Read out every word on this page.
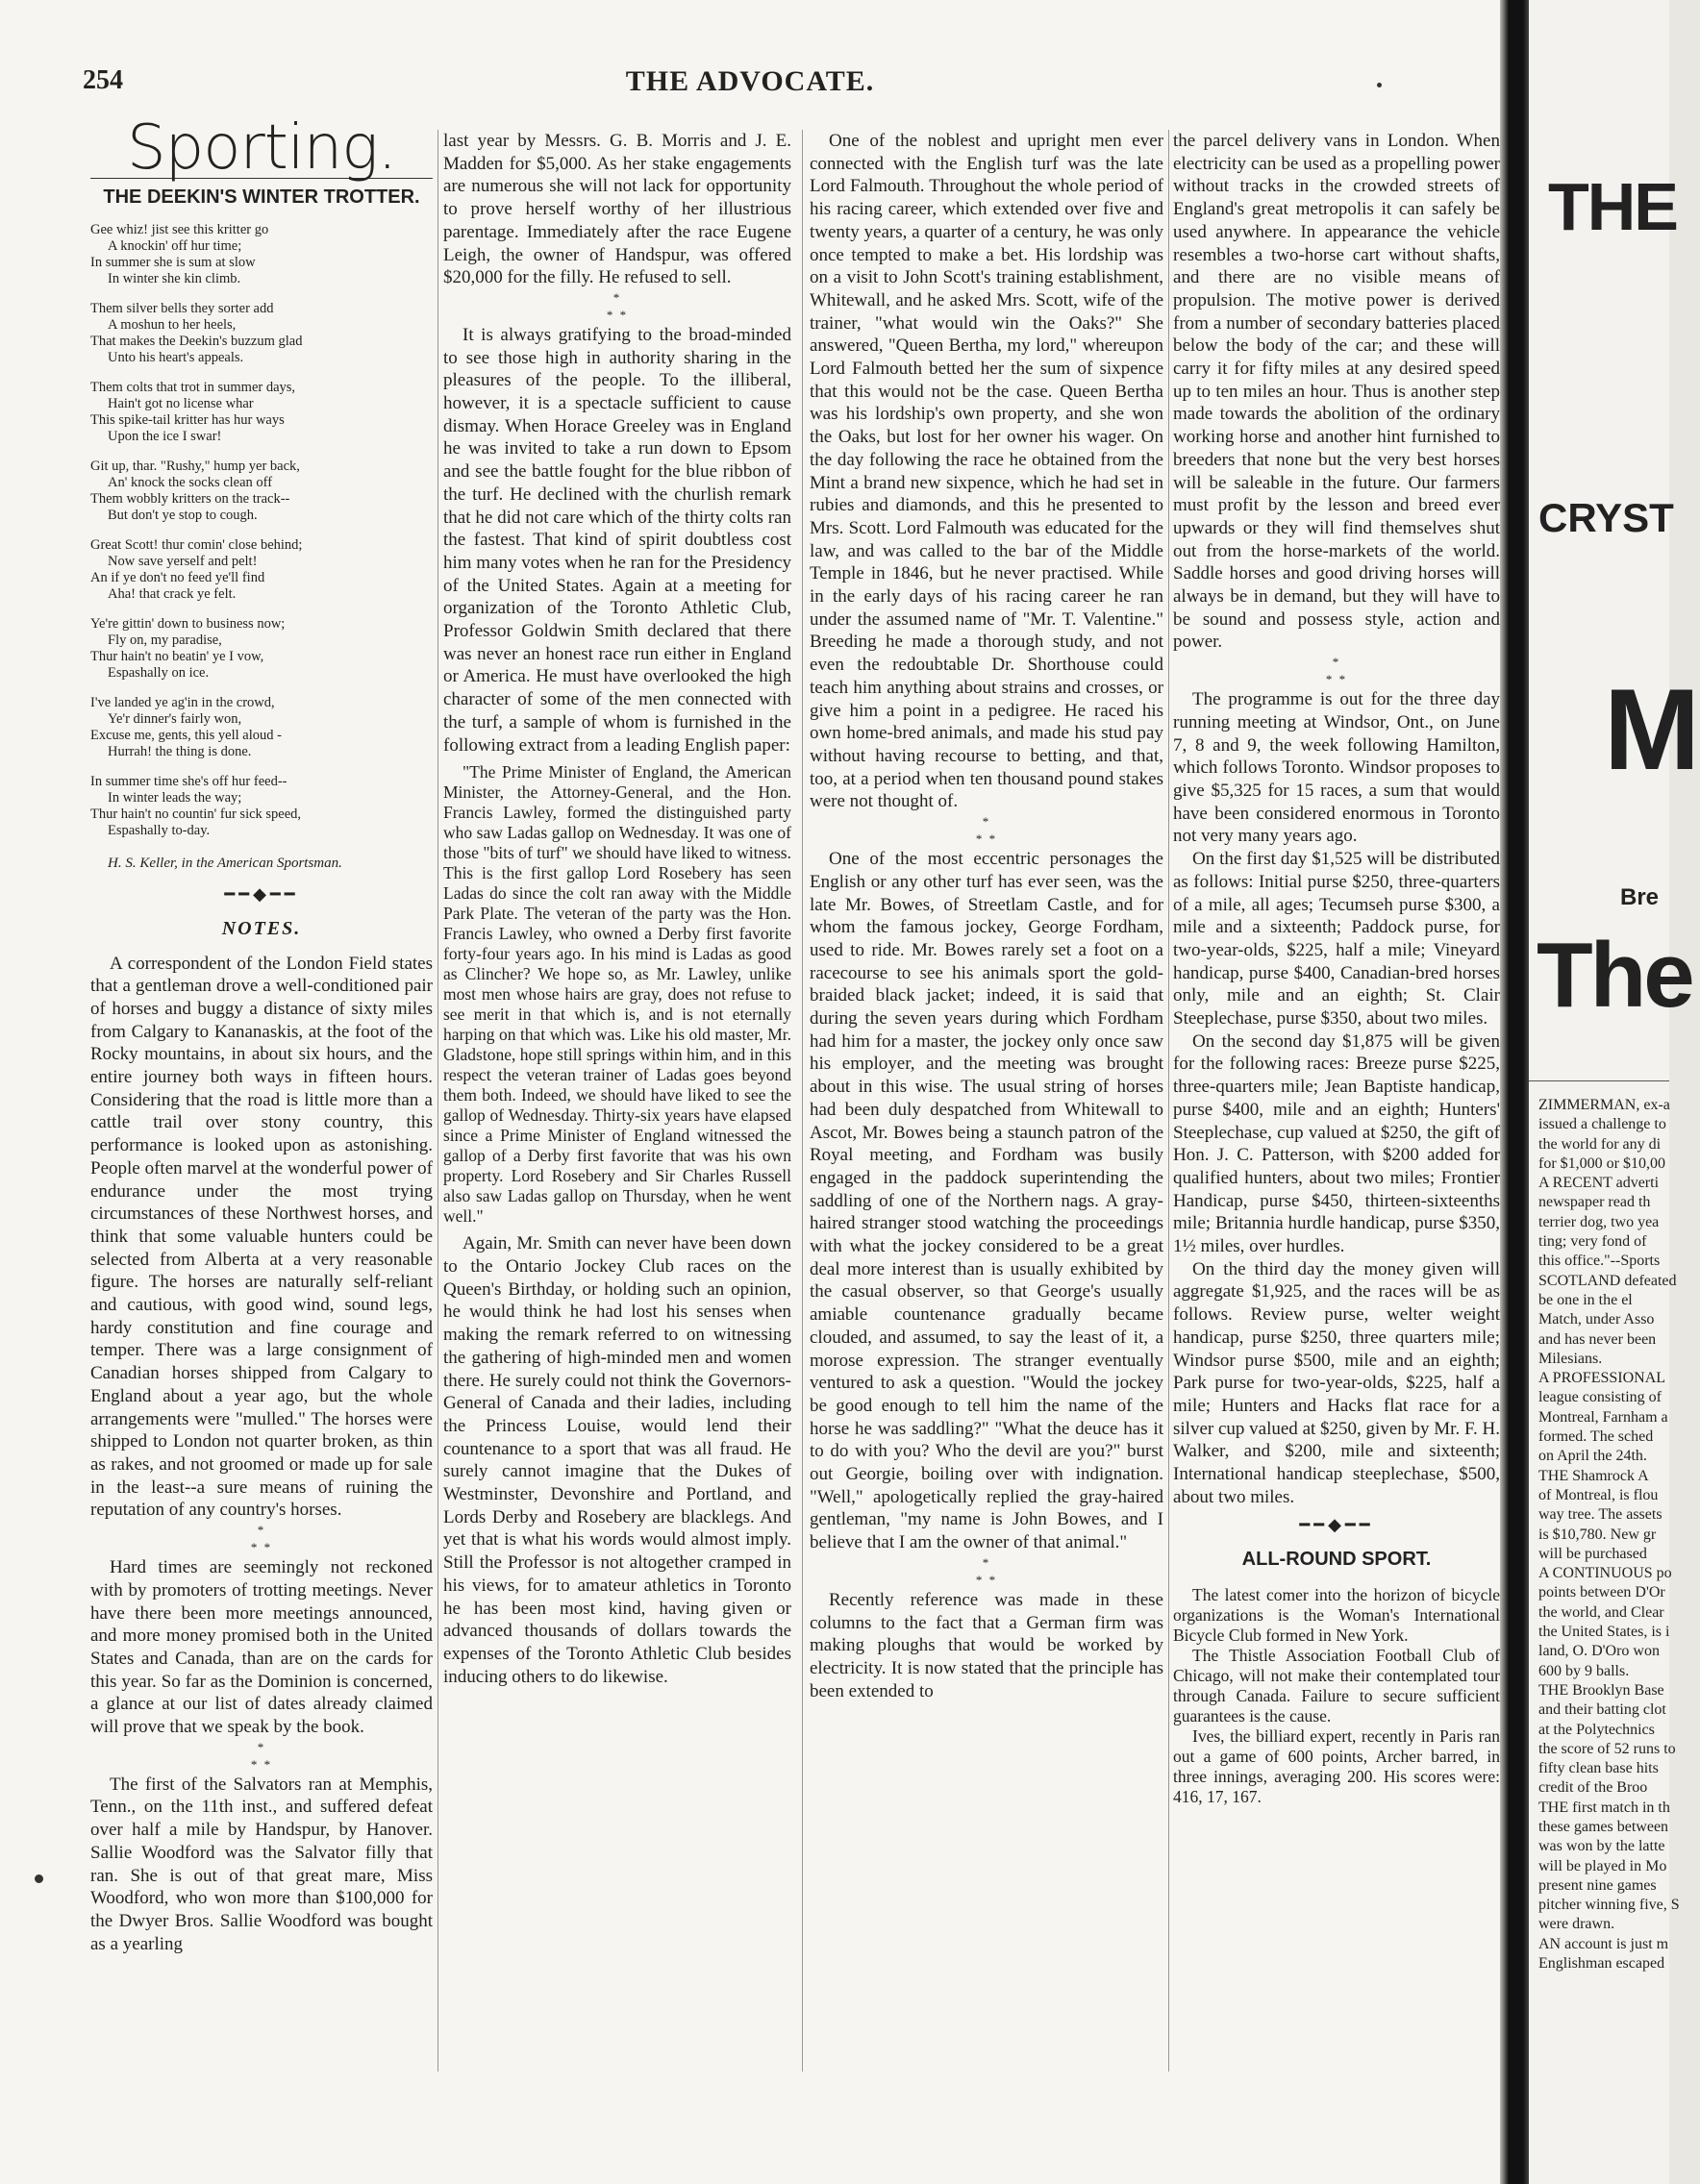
254	THE ADVOCATE.
Sporting.
THE DEEKIN'S WINTER TROTTER.
Gee whiz! jist see this kritter go
A knockin' off hur time;
In summer she is sum at slow
In winter she kin climb.
Them silver bells they sorter add
A moshun to her heels,
That makes the Deekin's buzzum glad
Unto his heart's appeals.
Them colts that trot in summer days,
Hain't got no license whar
This spike-tail kritter has hur ways
Upon the ice I swar!
Git up, thar. "Rushy," hump yer back,
An' knock the socks clean off
Them wobbly kritters on the track--
But don't ye stop to cough.
Great Scott! thur comin' close behind;
Now save yerself and pelt!
An if ye don't no feed ye'll find
Aha! that crack ye felt.
Ye're gittin' down to business now;
Fly on, my paradise,
Thur hain't no beatin' ye I vow,
Espashally on ice.
I've landed ye ag'in in the crowd,
Ye'r dinner's fairly won,
Excuse me, gents, this yell aloud -
Hurrah! the thing is done.
In summer time she's off hur feed--
In winter leads the way;
Thur hain't no countin' fur sick speed,
Espashally to-day.
H. S. Keller, in the American Sportsman.
━━◆━━
NOTES.

A correspondent of the London Field states that a gentleman drove a well-conditioned pair of horses and buggy a distance of sixty miles from Calgary to Kananaskis, at the foot of the Rocky mountains, in about six hours, and the entire journey both ways in fifteen hours. Considering that the road is little more than a cattle trail over stony country, this performance is looked upon as astonishing. People often marvel at the wonderful power of endurance under the most trying circumstances of these Northwest horses, and think that some valuable hunters could be selected from Alberta at a very reasonable figure. The horses are naturally self-reliant and cautious, with good wind, sound legs, hardy constitution and fine courage and temper. There was a large consignment of Canadian horses shipped from Calgary to England about a year ago, but the whole arrangements were "mulled." The horses were shipped to London not quarter broken, as thin as rakes, and not groomed or made up for sale in the least--a sure means of ruining the reputation of any country's horses.

*
* *

Hard times are seemingly not reckoned with by promoters of trotting meetings. Never have there been more meetings announced, and more money promised both in the United States and Canada, than are on the cards for this year. So far as the Dominion is concerned, a glance at our list of dates already claimed will prove that we speak by the book.

*
* *

The first of the Salvators ran at Memphis, Tenn., on the 11th inst., and suffered defeat over half a mile by Handspur, by Hanover. Sallie Woodford was the Salvator filly that ran. She is out of that great mare, Miss Woodford, who won more than $100,000 for the Dwyer Bros. Sallie Woodford was bought as a yearling

last year by Messrs. G. B. Morris and J. E. Madden for $5,000. As her stake engagements are numerous she will not lack for opportunity to prove herself worthy of her illustrious parentage. Immediately after the race Eugene Leigh, the owner of Handspur, was offered $20,000 for the filly. He refused to sell.

*
* *

It is always gratifying to the broad-minded to see those high in authority sharing in the pleasures of the people. To the illiberal, however, it is a spectacle sufficient to cause dismay. When Horace Greeley was in England he was invited to take a run down to Epsom and see the battle fought for the blue ribbon of the turf. He declined with the churlish remark that he did not care which of the thirty colts ran the fastest. That kind of spirit doubtless cost him many votes when he ran for the Presidency of the United States. Again at a meeting for organization of the Toronto Athletic Club, Professor Goldwin Smith declared that there was never an honest race run either in England or America. He must have overlooked the high character of some of the men connected with the turf, a sample of whom is furnished in the following extract from a leading English paper:

"The Prime Minister of England, the American Minister, the Attorney-General, and the Hon. Francis Lawley, formed the distinguished party who saw Ladas gallop on Wednesday. It was one of those "bits of turf" we should have liked to witness. This is the first gallop Lord Rosebery has seen Ladas do since the colt ran away with the Middle Park Plate. The veteran of the party was the Hon. Francis Lawley, who owned a Derby first favorite forty-four years ago. In his mind is Ladas as good as Clincher? We hope so, as Mr. Lawley, unlike most men whose hairs are gray, does not refuse to see merit in that which is, and is not eternally harping on that which was. Like his old master, Mr. Gladstone, hope still springs within him, and in this respect the veteran trainer of Ladas goes beyond them both. Indeed, we should have liked to see the gallop of Wednesday. Thirty-six years have elapsed since a Prime Minister of England witnessed the gallop of a Derby first favorite that was his own property. Lord Rosebery and Sir Charles Russell also saw Ladas gallop on Thursday, when he went well."

Again, Mr. Smith can never have been down to the Ontario Jockey Club races on the Queen's Birthday, or holding such an opinion, he would think he had lost his senses when making the remark referred to on witnessing the gathering of high-minded men and women there. He surely could not think the Governors-General of Canada and their ladies, including the Princess Louise, would lend their countenance to a sport that was all fraud. He surely cannot imagine that the Dukes of Westminster, Devonshire and Portland, and Lords Derby and Rosebery are blacklegs. And yet that is what his words would almost imply. Still the Professor is not altogether cramped in his views, for to amateur athletics in Toronto he has been most kind, having given or advanced thousands of dollars towards the expenses of the Toronto Athletic Club besides inducing others to do likewise.

One of the noblest and upright men ever connected with the English turf was the late Lord Falmouth. Throughout the whole period of his racing career, which extended over five and twenty years, a quarter of a century, he was only once tempted to make a bet. His lordship was on a visit to John Scott's training establishment, Whitewall, and he asked Mrs. Scott, wife of the trainer, "what would win the Oaks?" She answered, "Queen Bertha, my lord," whereupon Lord Falmouth betted her the sum of sixpence that this would not be the case. Queen Bertha was his lordship's own property, and she won the Oaks, but lost for her owner his wager. On the day following the race he obtained from the Mint a brand new sixpence, which he had set in rubies and diamonds, and this he presented to Mrs. Scott. Lord Falmouth was educated for the law, and was called to the bar of the Middle Temple in 1846, but he never practised. While in the early days of his racing career he ran under the assumed name of "Mr. T. Valentine." Breeding he made a thorough study, and not even the redoubtable Dr. Shorthouse could teach him anything about strains and crosses, or give him a point in a pedigree. He raced his own home-bred animals, and made his stud pay without having recourse to betting, and that, too, at a period when ten thousand pound stakes were not thought of.

*
* *

One of the most eccentric personages the English or any other turf has ever seen, was the late Mr. Bowes, of Streetlam Castle, and for whom the famous jockey, George Fordham, used to ride. Mr. Bowes rarely set a foot on a racecourse to see his animals sport the gold-braided black jacket; indeed, it is said that during the seven years during which Fordham had him for a master, the jockey only once saw his employer, and the meeting was brought about in this wise. The usual string of horses had been duly despatched from Whitewall to Ascot, Mr. Bowes being a staunch patron of the Royal meeting, and Fordham was busily engaged in the paddock superintending the saddling of one of the Northern nags. A gray-haired stranger stood watching the proceedings with what the jockey considered to be a great deal more interest than is usually exhibited by the casual observer, so that George's usually amiable countenance gradually became clouded, and assumed, to say the least of it, a morose expression. The stranger eventually ventured to ask a question. "Would the jockey be good enough to tell him the name of the horse he was saddling?" "What the deuce has it to do with you? Who the devil are you?" burst out Georgie, boiling over with indignation. "Well," apologetically replied the gray-haired gentleman, "my name is John Bowes, and I believe that I am the owner of that animal."

*
* *

Recently reference was made in these columns to the fact that a German firm was making ploughs that would be worked by electricity. It is now stated that the principle has been extended to

the parcel delivery vans in London. When electricity can be used as a propelling power without tracks in the crowded streets of England's great metropolis it can safely be used anywhere. In appearance the vehicle resembles a two-horse cart without shafts, and there are no visible means of propulsion. The motive power is derived from a number of secondary batteries placed below the body of the car; and these will carry it for fifty miles at any desired speed up to ten miles an hour. Thus is another step made towards the abolition of the ordinary working horse and another hint furnished to breeders that none but the very best horses will be saleable in the future. Our farmers must profit by the lesson and breed ever upwards or they will find themselves shut out from the horse-markets of the world. Saddle horses and good driving horses will always be in demand, but they will have to be sound and possess style, action and power.

*
* *

The programme is out for the three day running meeting at Windsor, Ont., on June 7, 8 and 9, the week following Hamilton, which follows Toronto. Windsor proposes to give $5,325 for 15 races, a sum that would have been considered enormous in Toronto not very many years ago.

On the first day $1,525 will be distributed as follows: Initial purse $250, three-quarters of a mile, all ages; Tecumseh purse $300, a mile and a sixteenth; Paddock purse, for two-year-olds, $225, half a mile; Vineyard handicap, purse $400, Canadian-bred horses only, mile and an eighth; St. Clair Steeplechase, purse $350, about two miles.

On the second day $1,875 will be given for the following races: Breeze purse $225, three-quarters mile; Jean Baptiste handicap, purse $400, mile and an eighth; Hunters' Steeplechase, cup valued at $250, the gift of Hon. J. C. Patterson, with $200 added for qualified hunters, about two miles; Frontier Handicap, purse $450, thirteen-sixteenths mile; Britannia hurdle handicap, purse $350, 1½ miles, over hurdles.

On the third day the money given will aggregate $1,925, and the races will be as follows. Review purse, welter weight handicap, purse $250, three quarters mile; Windsor purse $500, mile and an eighth; Park purse for two-year-olds, $225, half a mile; Hunters and Hacks flat race for a silver cup valued at $250, given by Mr. F. H. Walker, and $200, mile and sixteenth; International handicap steeplechase, $500, about two miles.

━━◆━━
ALL-ROUND SPORT.

The latest comer into the horizon of bicycle organizations is the Woman's International Bicycle Club formed in New York.

The Thistle Association Football Club of Chicago, will not make their contemplated tour through Canada. Failure to secure sufficient guarantees is the cause.

Ives, the billiard expert, recently in Paris ran out a game of 600 points, Archer barred, in three innings, averaging 200. His scores were: 416, 17, 167.

THE
CRYST
M
Bre
The
ZIMMERMAN, ex-a
issued a challenge to
the world for any di
for $1,000 or $10,00
A RECENT adverti
newspaper read th
terrier dog, two yea
ting; very fond of
this office."--Sports
SCOTLAND defeated
be one in the el
Match, under Asso
and has never been
Milesians.
A PROFESSIONAL
league consisting of
Montreal, Farnham a
formed. The sched
on April the 24th.
THE Shamrock A
of Montreal, is flou
way tree. The assets
is $10,780. New gr
will be purchased
A CONTINUOUS po
points between D'Or
the world, and Clear
the United States, is i
land, O. D'Oro won
600 by 9 balls.
THE Brooklyn Base
and their batting clot
at the Polytechnics
the score of 52 runs to
fifty clean base hits
credit of the Broo
THE first match in th
these games between
was won by the latte
will be played in Mo
present nine games
pitcher winning five, S
were drawn.
AN account is just m
Englishman escaped
